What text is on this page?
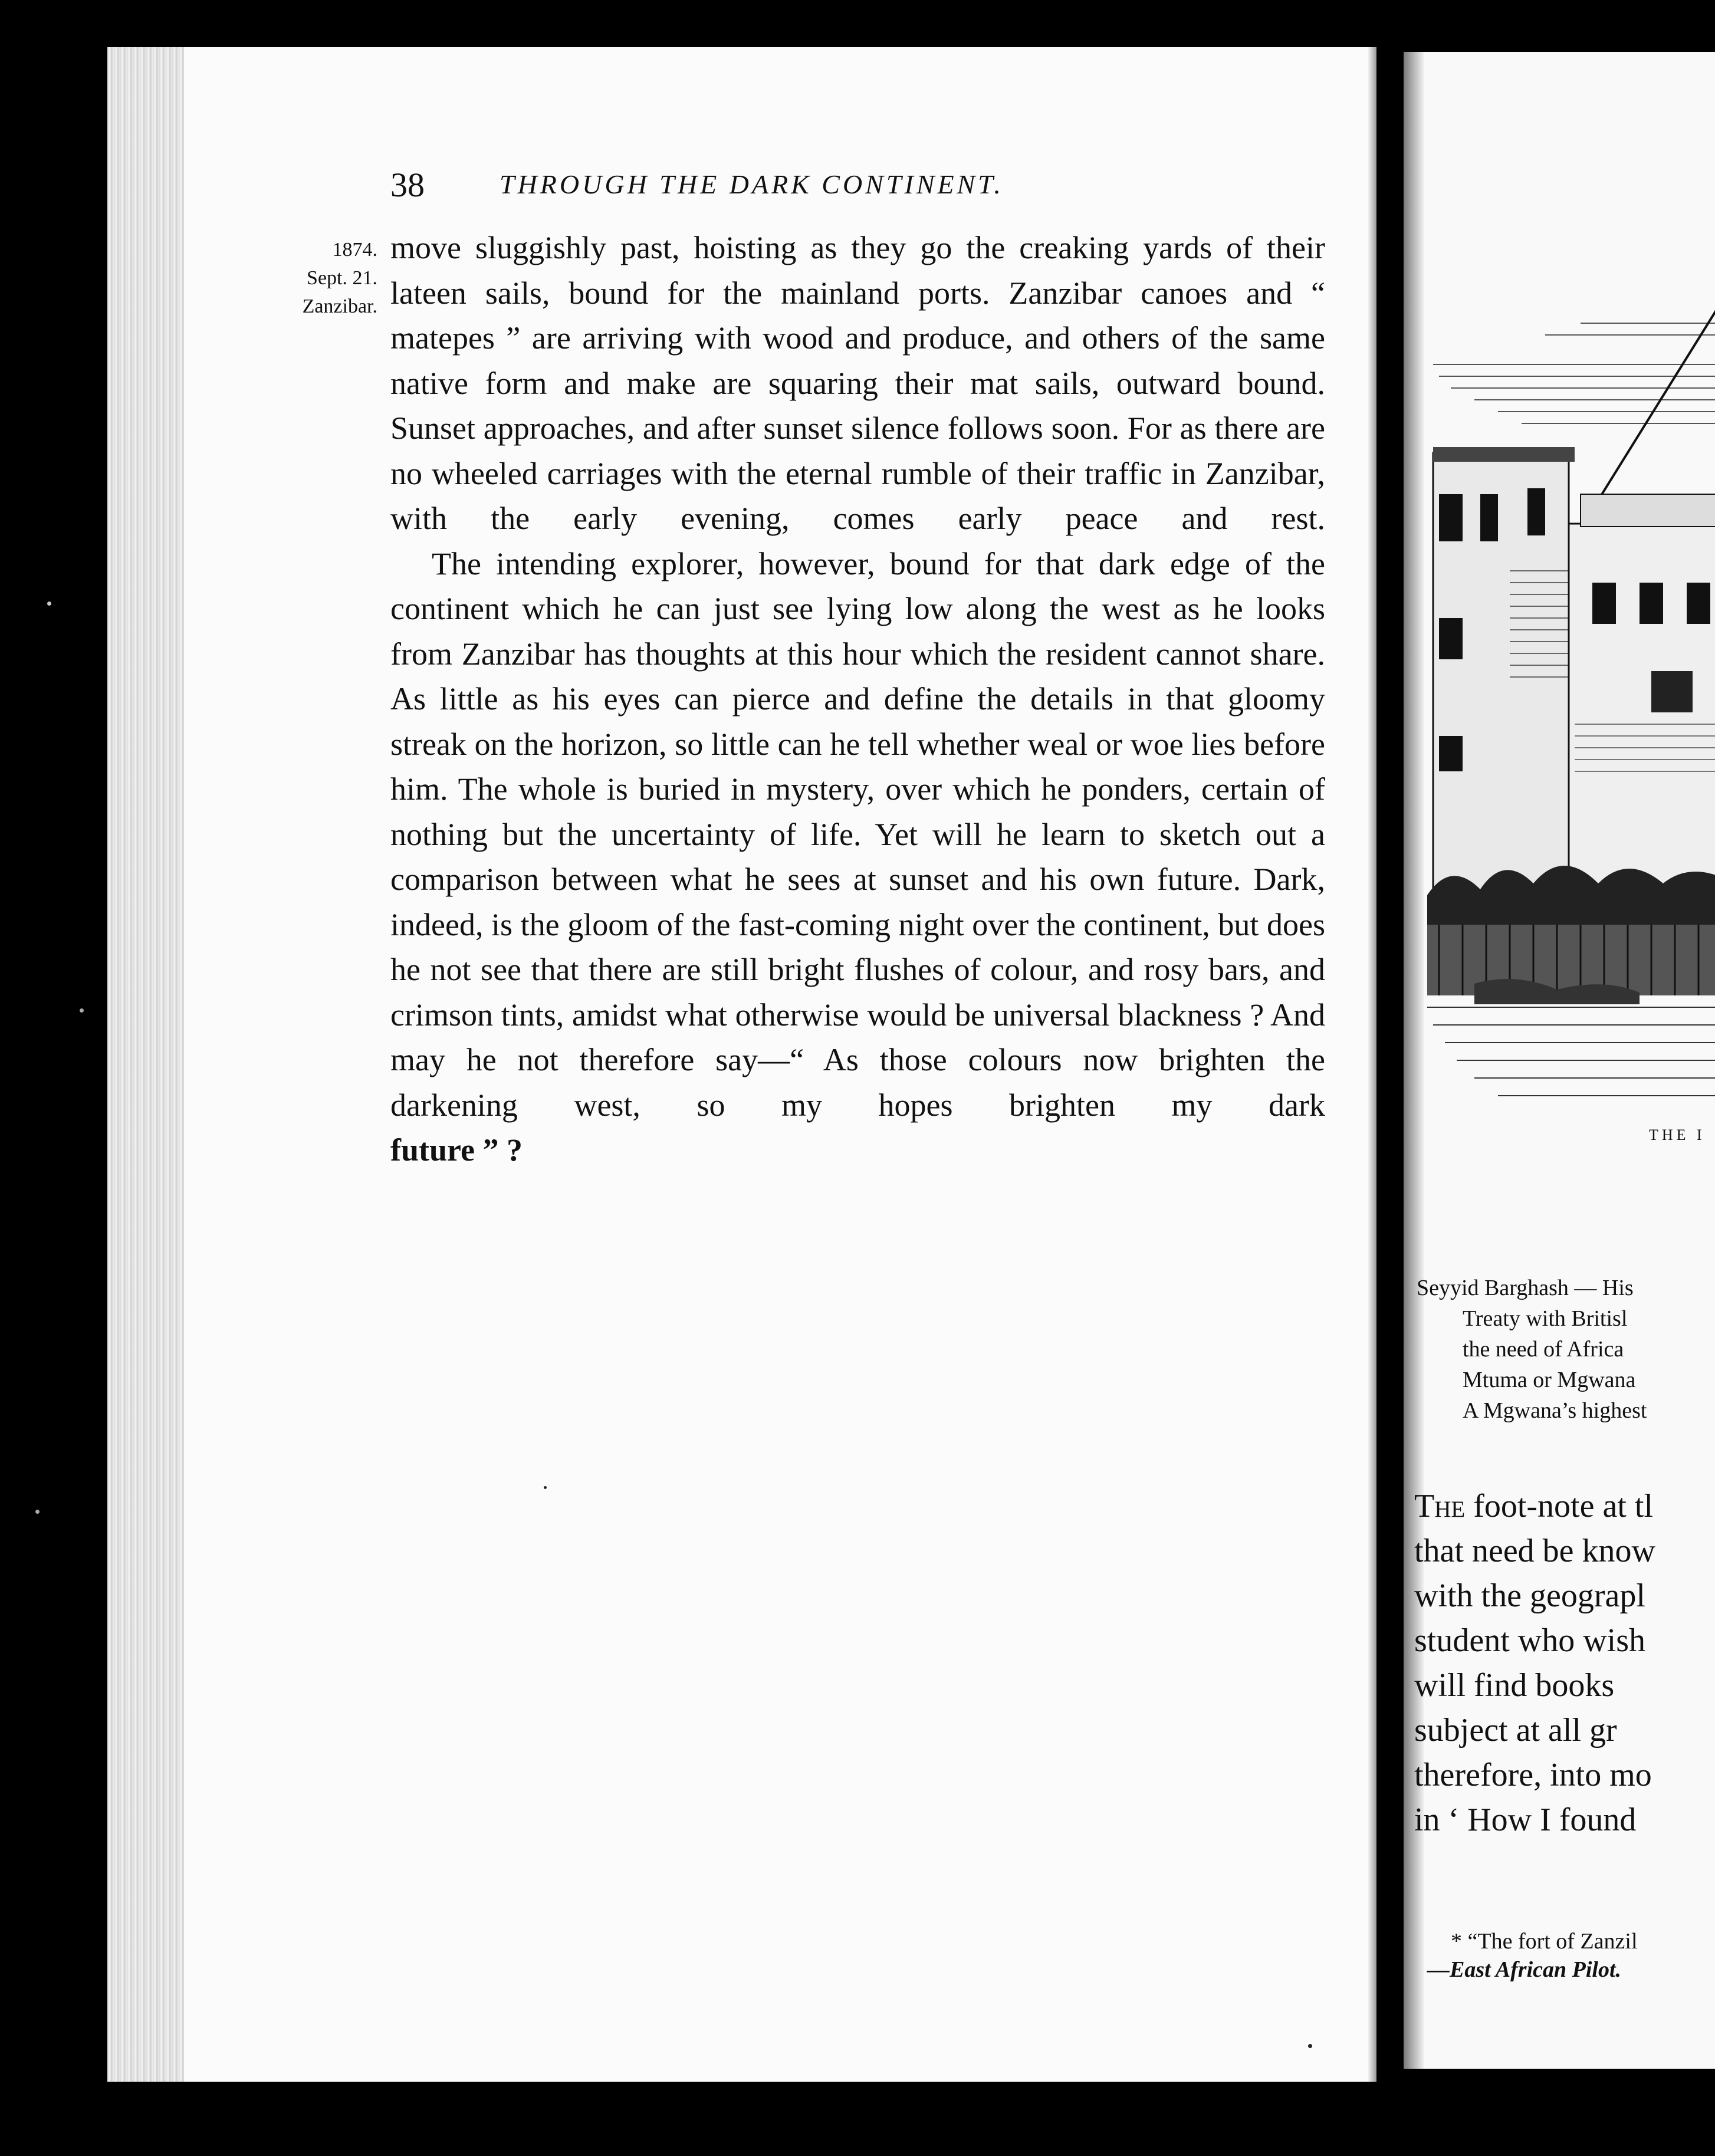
38	THROUGH THE DARK CONTINENT.
1874.
Sept. 21.
Zanzibar.

move sluggishly past, hoisting as they go the creaking yards of their lateen sails, bound for the mainland ports. Zanzibar canoes and “ matepes ” are arriving with wood and produce, and others of the same native form and make are squaring their mat sails, outward bound. Sunset approaches, and after sunset silence follows soon. For as there are no wheeled carriages with the eternal rumble of their traffic in Zanzibar, with the early evening, comes early peace and rest.

The intending explorer, however, bound for that dark edge of the continent which he can just see lying low along the west as he looks from Zanzibar has thoughts at this hour which the resident cannot share. As little as his eyes can pierce and define the details in that gloomy streak on the horizon, so little can he tell whether weal or woe lies before him. The whole is buried in mystery, over which he ponders, certain of nothing but the uncertainty of life. Yet will he learn to sketch out a comparison between what he sees at sunset and his own future. Dark, indeed, is the gloom of the fast-coming night over the continent, but does he not see that there are still bright flushes of colour, and rosy bars, and crimson tints, amidst what otherwise would be universal blackness ? And may he not therefore say—“ As those colours now brighten the darkening west, so my hopes brighten my dark

future ” ?	THE I
Seyyid Barghash — His
Treaty with Britisl
the need of Africa
Mtuma or Mgwana
A Mgwana’s highest
The foot-note at tl
that need be know
with the geograpl
student who wish
will find books
subject at all gr
therefore, into mo
in ‘ How I found
* “The fort of Zanzil
—East African Pilot.
